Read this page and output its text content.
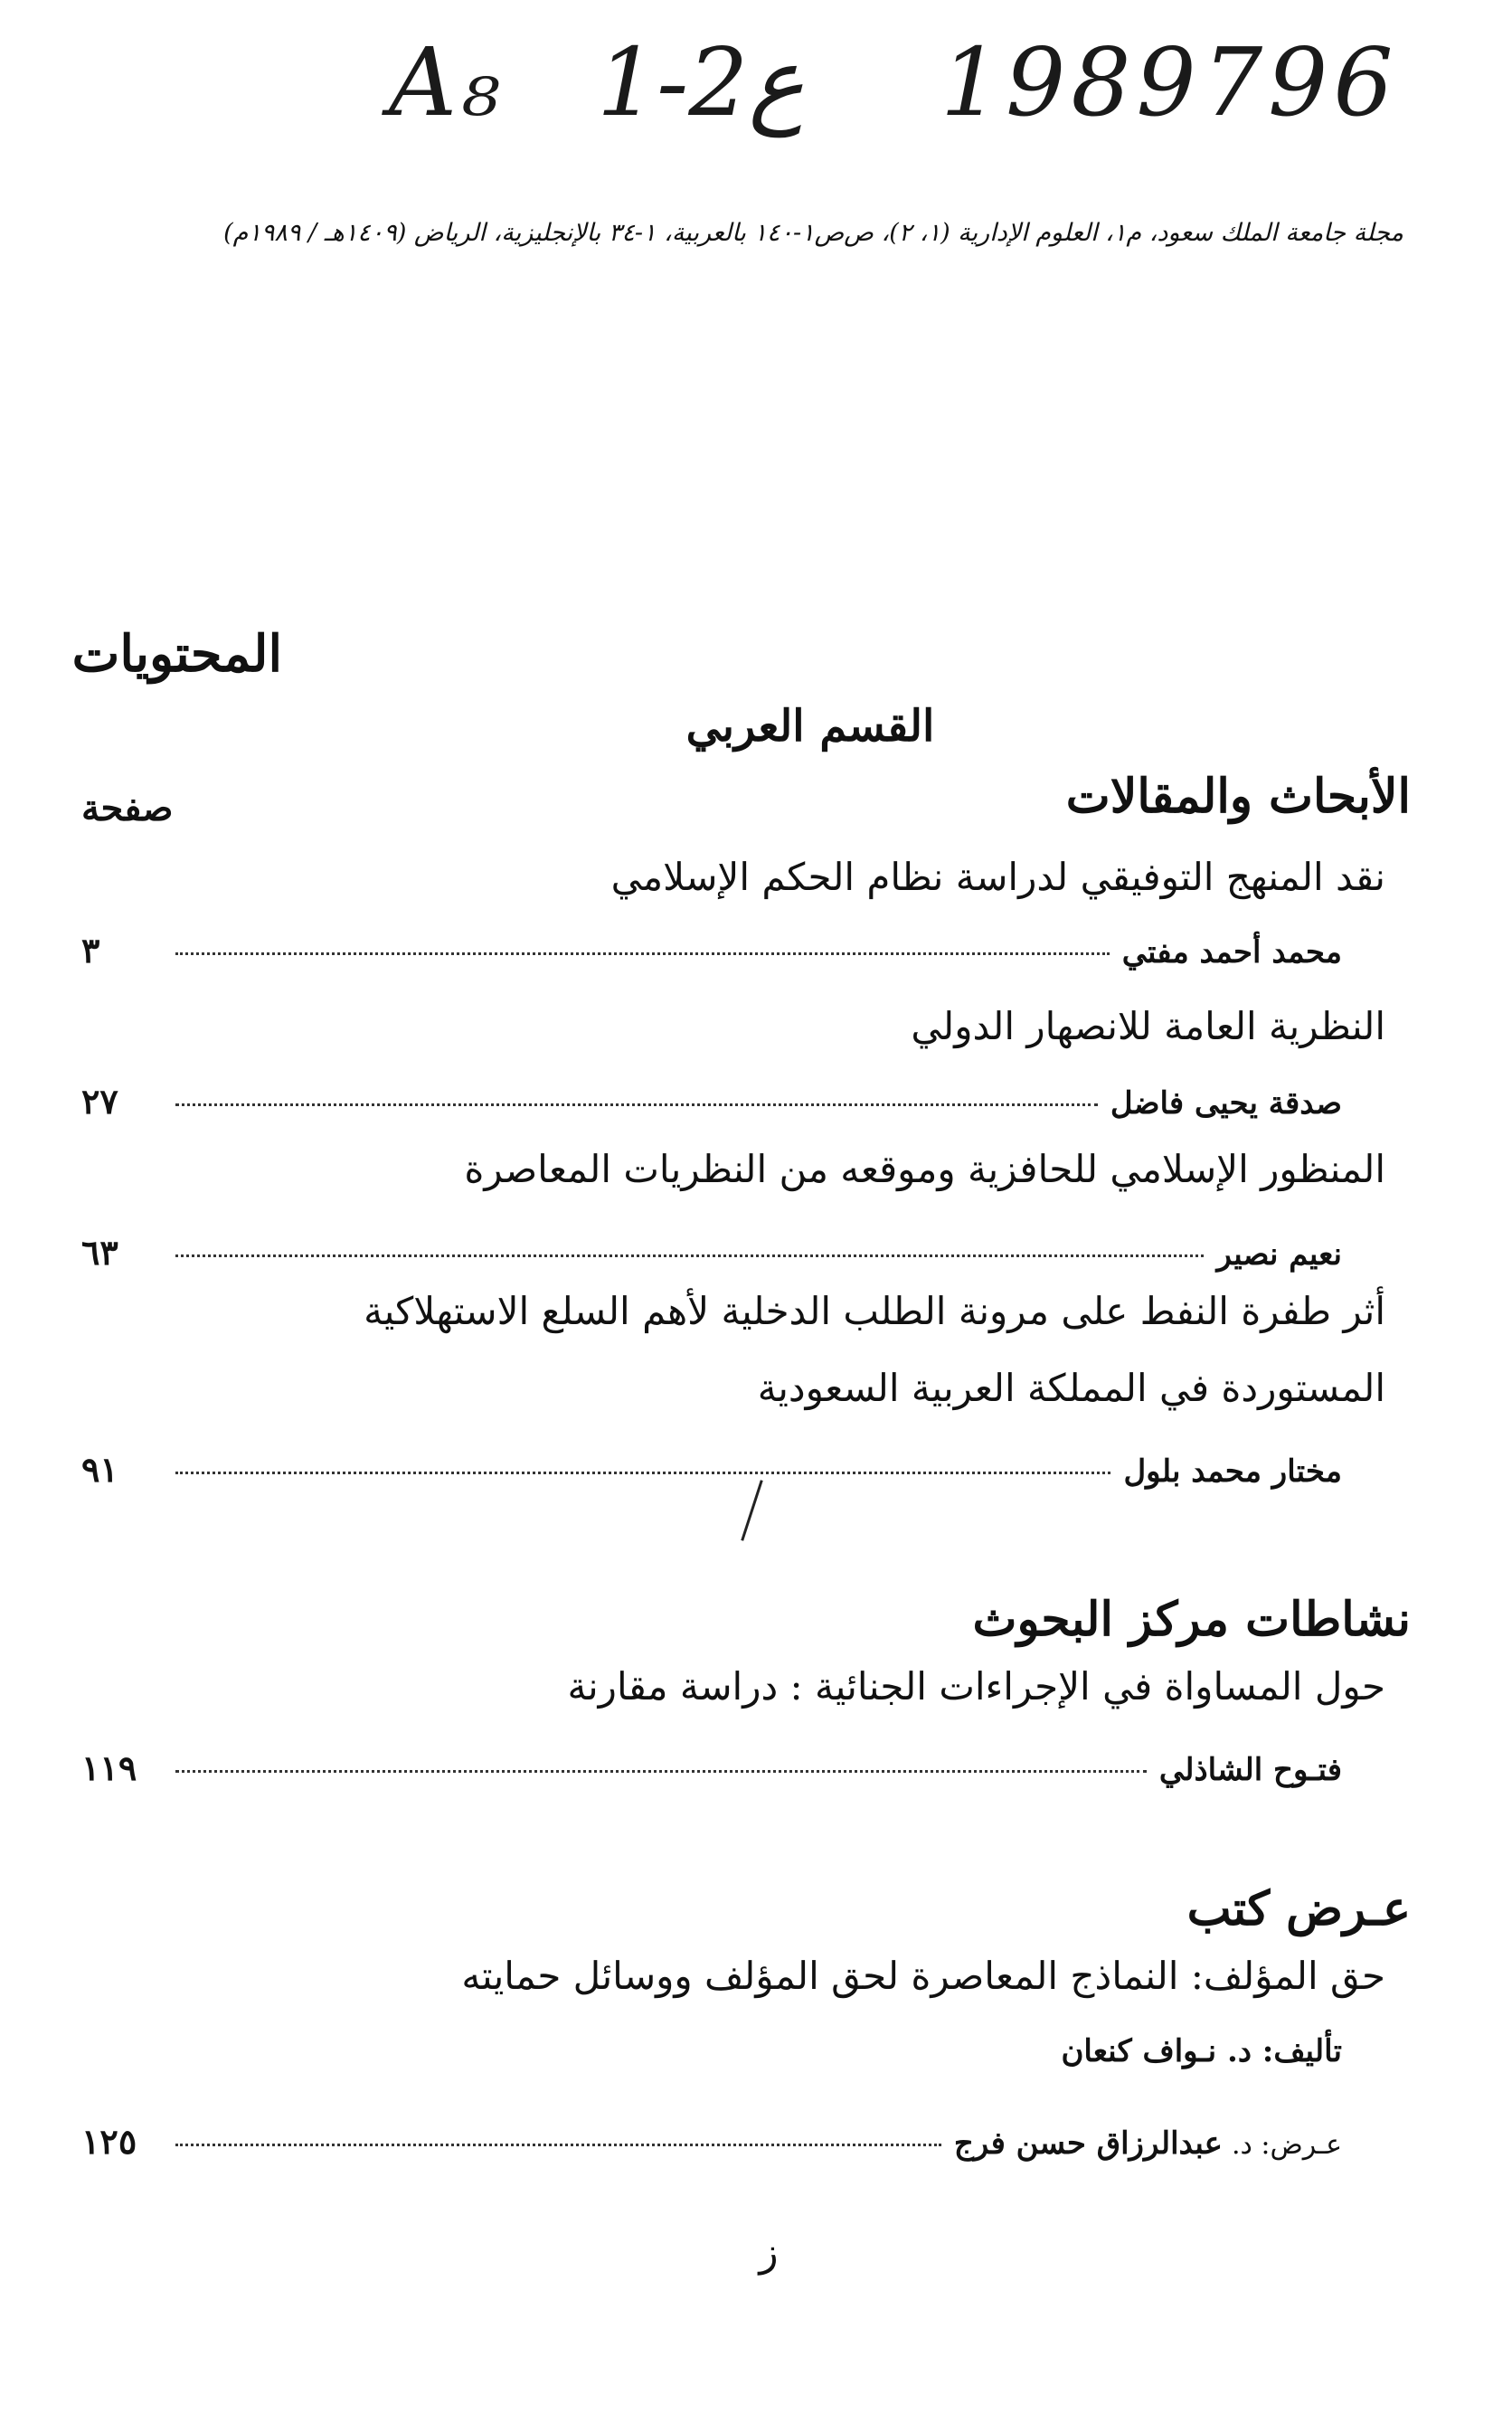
A₈ 1-2ع 1989 796
مجلة جامعة الملك سعود، م١، العلوم الإدارية (١، ٢)، ص‌ص١-١٤٠ بالعربية، ١-٣٤ بالإنجليزية، الرياض (١٤٠٩هـ / ١٩٨٩م)
المحتويات
القسم العربي
الأبحاث والمقالات
صفحة
نقد المنهج التوفيقي لدراسة نظام الحكم الإسلامي
محمد أحمد مفتي
٣
النظرية العامة للانصهار الدولي
صدقة يحيى فاضل
٢٧
المنظور الإسلامي للحافزية وموقعه من النظريات المعاصرة
نعيم نصير
٦٣
أثر طفرة النفط على مرونة الطلب الدخلية لأهم السلع الاستهلاكية
المستوردة في المملكة العربية السعودية
مختار محمد بلول
٩١
نشاطات مركز البحوث
حول المساواة في الإجراءات الجنائية : دراسة مقارنة
فتـوح الشاذلي
١١٩
عـرض كتب
حق المؤلف: النماذج المعاصرة لحق المؤلف ووسائل حمايته
تأليف: د. نـواف كنعان
عـرض: د.
عبدالرزاق حسن فرج
١٢٥
ز
